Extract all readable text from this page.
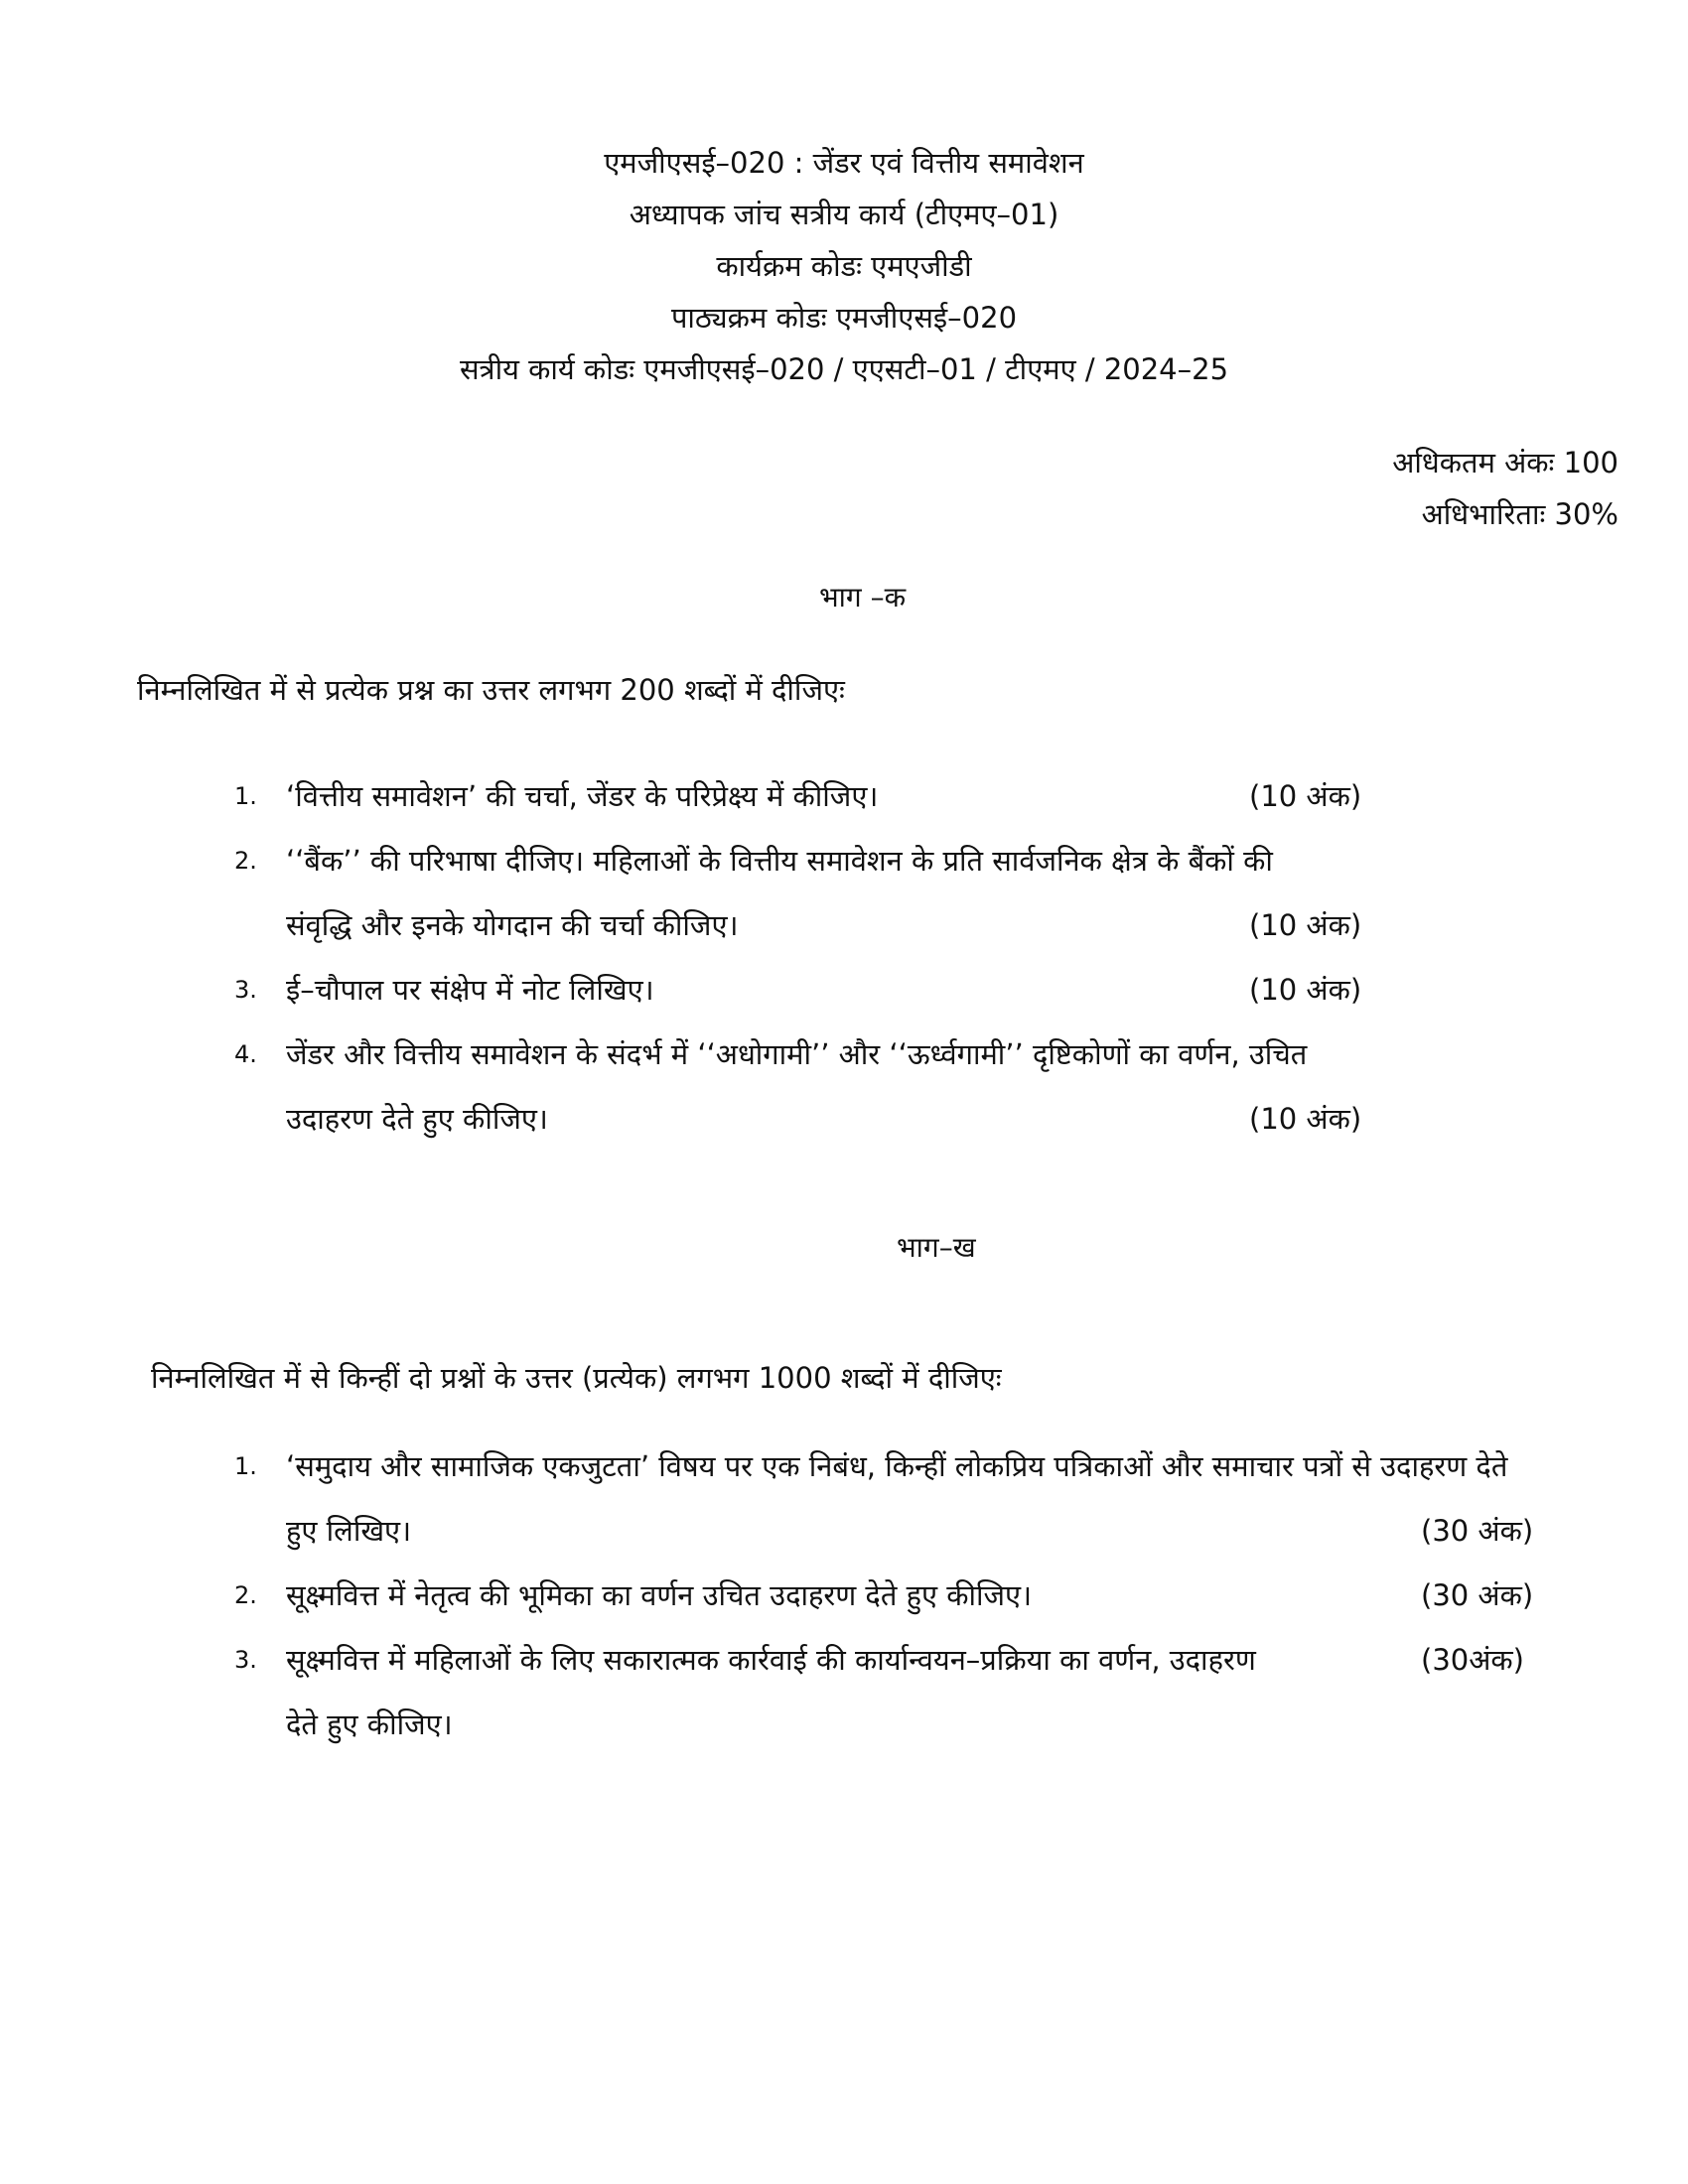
एमजीएसई–020 : जेंडर एवं वित्तीय समावेशन
अध्यापक जांच सत्रीय कार्य (टीएमए–01)
कार्यक्रम कोडः एमएजीडी
पाठ्यक्रम कोडः एमजीएसई–020
सत्रीय कार्य कोडः एमजीएसई–020 / एएसटी–01 / टीएमए / 2024–25
अधिकतम अंकः 100
अधिभारिताः 30%
भाग –क
निम्नलिखित में से प्रत्येक प्रश्न का उत्तर लगभग 200 शब्दों में दीजिएः
1. ‘वित्तीय समावेशन’ की चर्चा, जेंडर के परिप्रेक्ष्य में कीजिए।	(10 अंक)
2. ‘‘बैंक’’ की परिभाषा दीजिए। महिलाओं के वित्तीय समावेशन के प्रति सार्वजनिक क्षेत्र के बैंकों की
संवृद्धि और इनके योगदान की चर्चा कीजिए।	(10 अंक)
3. ई–चौपाल पर संक्षेप में नोट लिखिए।	(10 अंक)
4. जेंडर और वित्तीय समावेशन के संदर्भ में ‘‘अधोगामी’’ और ‘‘ऊर्ध्वगामी’’ दृष्टिकोणों का वर्णन, उचित
उदाहरण देते हुए कीजिए।	(10 अंक)
भाग–ख
निम्नलिखित में से किन्हीं दो प्रश्नों के उत्तर (प्रत्येक) लगभग 1000 शब्दों में दीजिएः
1. ‘समुदाय और सामाजिक एकजुटता’ विषय पर एक निबंध, किन्हीं लोकप्रिय पत्रिकाओं और समाचार पत्रों से उदाहरण देते
हुए लिखिए।	(30 अंक)
2. सूक्ष्मवित्त में नेतृत्व की भूमिका का वर्णन उचित उदाहरण देते हुए कीजिए।	(30 अंक)
3. सूक्ष्मवित्त में महिलाओं के लिए सकारात्मक कार्रवाई की कार्यान्वयन–प्रक्रिया का वर्णन, उदाहरण
देते हुए कीजिए।
(30अंक)
